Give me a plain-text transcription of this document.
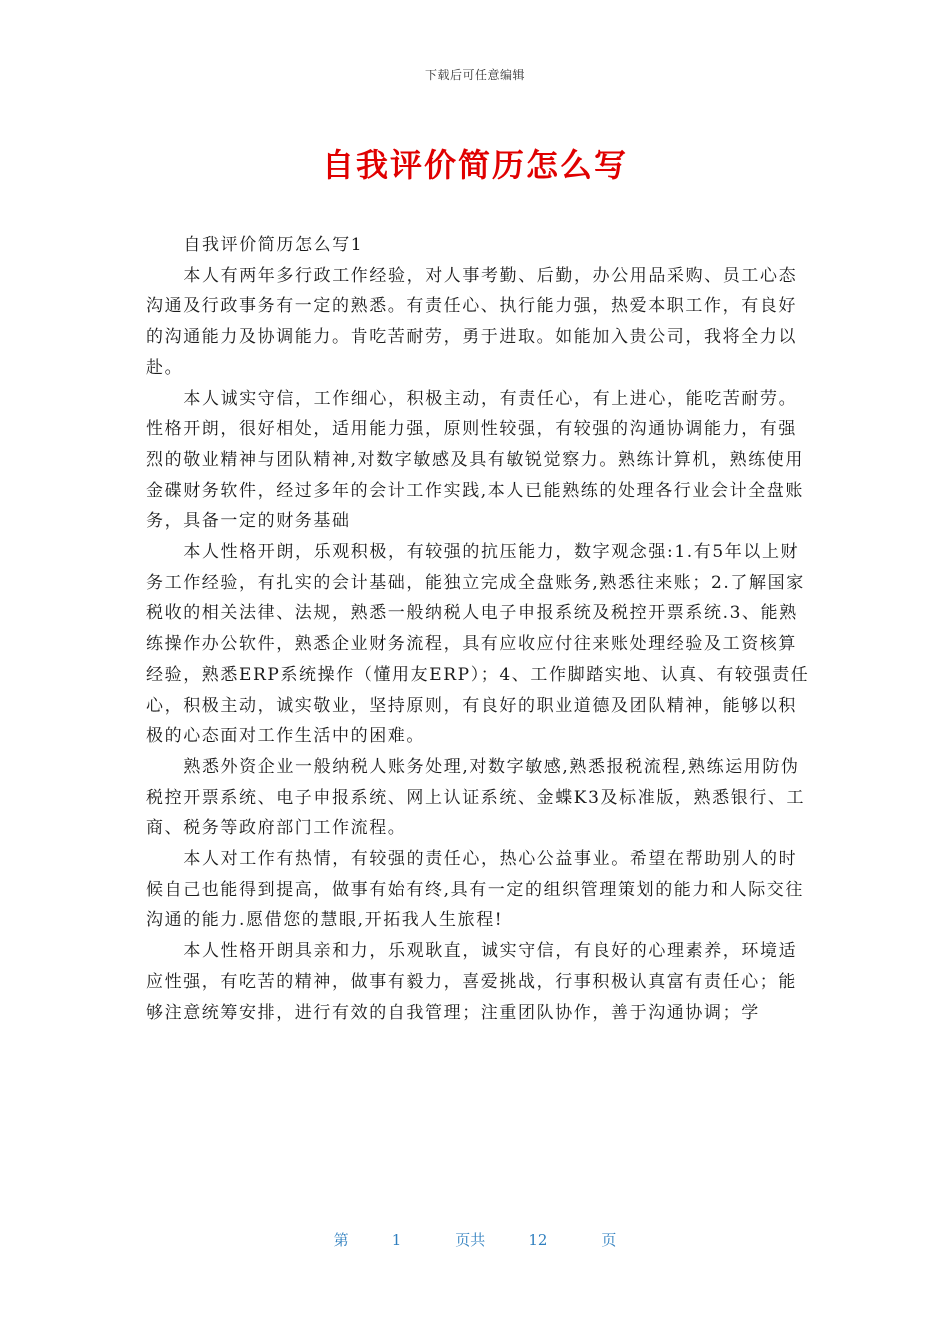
下载后可任意编辑
自我评价简历怎么写

自我评价简历怎么写1

本人有两年多行政工作经验，对人事考勤、后勤，办公用品采购、员工心态沟通及行政事务有一定的熟悉。有责任心、执行能力强，热爱本职工作，有良好的沟通能力及协调能力。肯吃苦耐劳，勇于进取。如能加入贵公司，我将全力以赴。

本人诚实守信，工作细心，积极主动，有责任心，有上进心，能吃苦耐劳。性格开朗，很好相处，适用能力强，原则性较强，有较强的沟通协调能力，有强烈的敬业精神与团队精神,对数字敏感及具有敏锐觉察力。熟练计算机，熟练使用金碟财务软件，经过多年的会计工作实践,本人已能熟练的处理各行业会计全盘账务，具备一定的财务基础

本人性格开朗，乐观积极，有较强的抗压能力，数字观念强:1.有5年以上财务工作经验，有扎实的会计基础，能独立完成全盘账务,熟悉往来账；2.了解国家税收的相关法律、法规，熟悉一般纳税人电子申报系统及税控开票系统.3、能熟练操作办公软件，熟悉企业财务流程，具有应收应付往来账处理经验及工资核算经验，熟悉ERP系统操作（懂用友ERP）；4、工作脚踏实地、认真、有较强责任心，积极主动，诚实敬业，坚持原则，有良好的职业道德及团队精神，能够以积极的心态面对工作生活中的困难。

熟悉外资企业一般纳税人账务处理,对数字敏感,熟悉报税流程,熟练运用防伪税控开票系统、电子申报系统、网上认证系统、金蝶K3及标准版，熟悉银行、工商、税务等政府部门工作流程。

本人对工作有热情，有较强的责任心，热心公益事业。希望在帮助别人的时候自己也能得到提高，做事有始有终,具有一定的组织管理策划的能力和人际交往沟通的能力.愿借您的慧眼,开拓我人生旅程!

本人性格开朗具亲和力，乐观耿直，诚实守信，有良好的心理素养，环境适应性强，有吃苦的精神，做事有毅力，喜爱挑战，行事积极认真富有责任心；能够注意统筹安排，进行有效的自我管理；注重团队协作，善于沟通协调；学

第	1	页共	12	页
